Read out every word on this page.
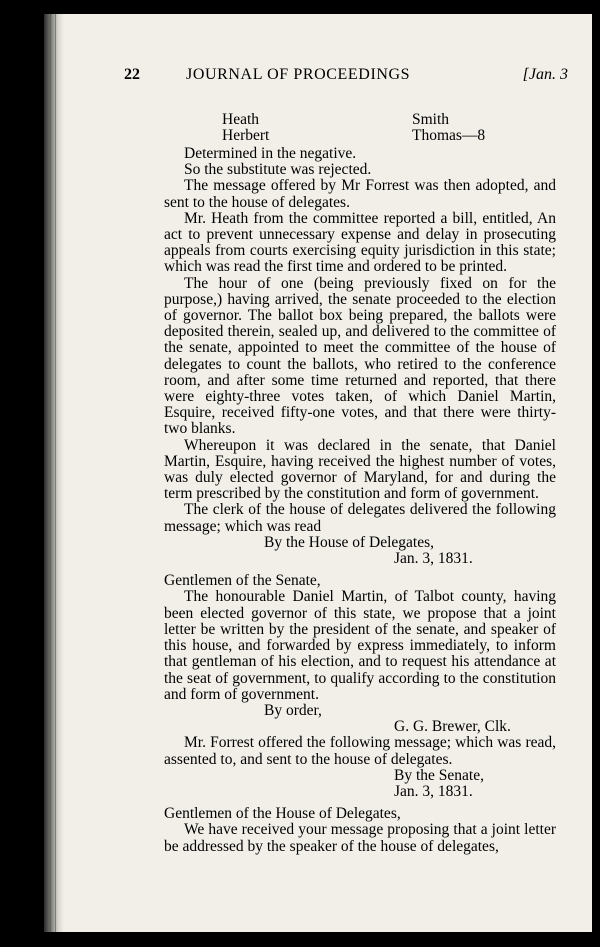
22	JOURNAL OF PROCEEDINGS	[Jan. 3
Heath	Smith
Herbert	Thomas—8

Determined in the negative.

So the substitute was rejected.

The message offered by Mr Forrest was then adopted, and sent to the house of delegates.

Mr. Heath from the committee reported a bill, entitled, An act to prevent unnecessary expense and delay in prosecuting appeals from courts exercising equity jurisdiction in this state; which was read the first time and ordered to be printed.

The hour of one (being previously fixed on for the purpose,) having arrived, the senate proceeded to the election of governor. The ballot box being prepared, the ballots were deposited therein, sealed up, and delivered to the committee of the senate, appointed to meet the committee of the house of delegates to count the ballots, who retired to the conference room, and after some time returned and reported, that there were eighty-three votes taken, of which Daniel Martin, Esquire, received fifty-one votes, and that there were thirty-two blanks.

Whereupon it was declared in the senate, that Daniel Martin, Esquire, having received the highest number of votes, was duly elected governor of Maryland, for and during the term prescribed by the constitution and form of government.

The clerk of the house of delegates delivered the following message; which was read

By the House of Delegates,

Jan. 3, 1831.

Gentlemen of the Senate,

The honourable Daniel Martin, of Talbot county, having been elected governor of this state, we propose that a joint letter be written by the president of the senate, and speaker of this house, and forwarded by express immediately, to inform that gentleman of his election, and to request his attendance at the seat of government, to qualify according to the constitution and form of government.

By order,

G. G. Brewer, Clk.

Mr. Forrest offered the following message; which was read, assented to, and sent to the house of delegates.

By the Senate,

Jan. 3, 1831.

Gentlemen of the House of Delegates,

We have received your message proposing that a joint letter be addressed by the speaker of the house of delegates,
